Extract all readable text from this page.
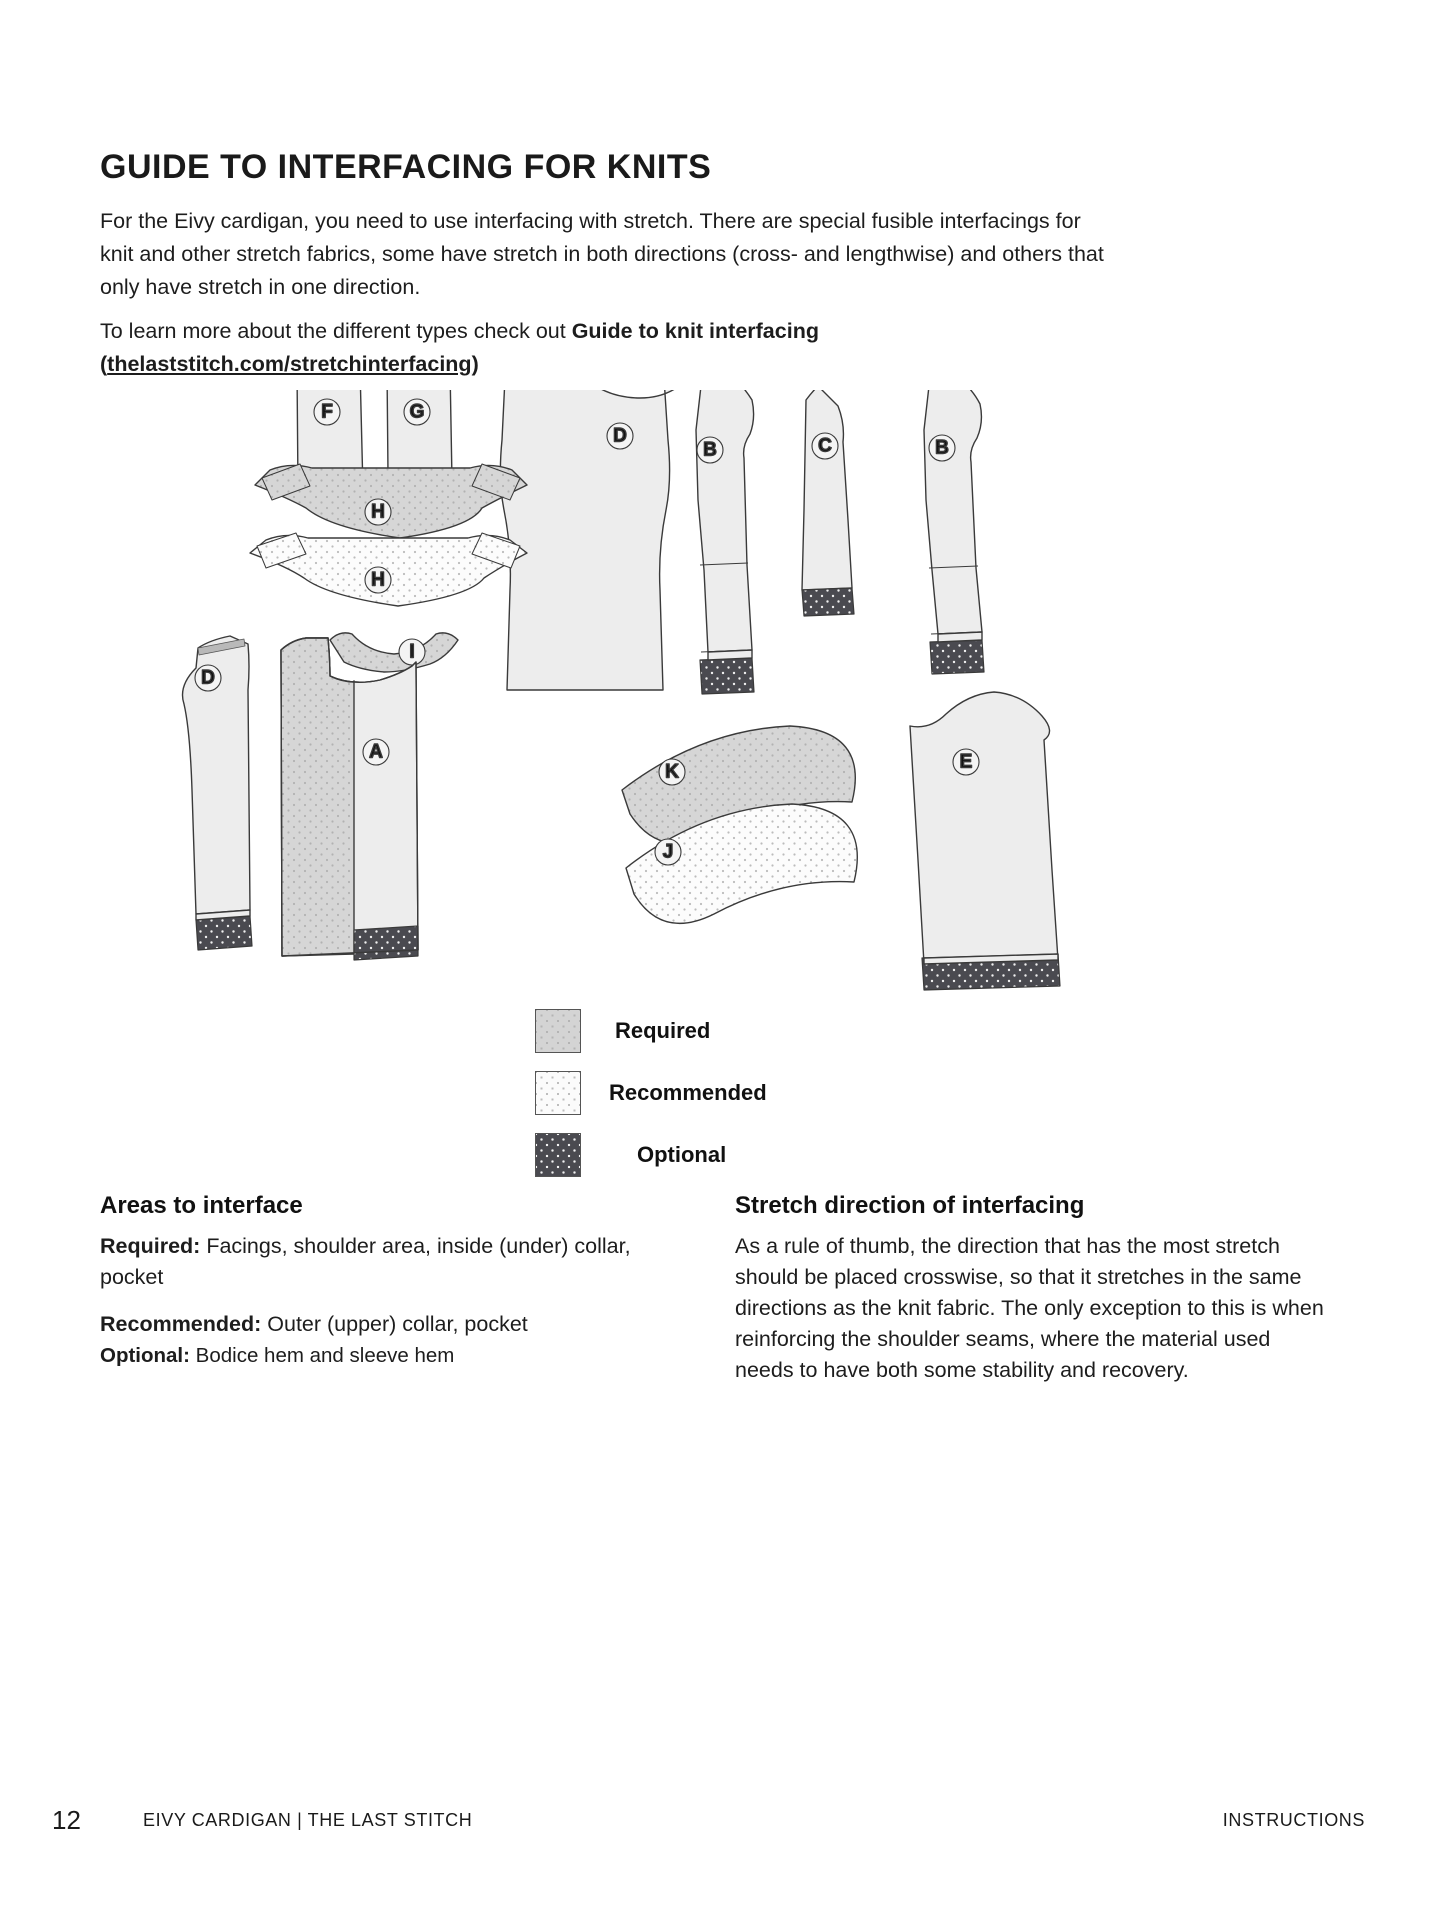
GUIDE TO INTERFACING FOR KNITS
For the Eivy cardigan, you need to use interfacing with stretch. There are special fusible interfacings for knit and other stretch fabrics, some have stretch in both directions (cross- and lengthwise) and others that only have stretch in one direction.
To learn more about the different types check out Guide to knit interfacing
(thelaststitch.com/stretchinterfacing)
F	G
D
B	C	B
H
H
I
D
A
K
J
E
Required
Recommended
Optional
Areas to interface

Required: Facings, shoulder area, inside (under) collar, pocket

Recommended: Outer (upper) collar, pocket

Optional: Bodice hem and sleeve hem

Stretch direction of interfacing

As a rule of thumb, the direction that has the most stretch should be placed crosswise, so that it stretches in the same directions as the knit fabric. The only exception to this is when reinforcing the shoulder seams, where the material used needs to have both some stability and recovery.

12	EIVY CARDIGAN | THE LAST STITCH	INSTRUCTIONS
